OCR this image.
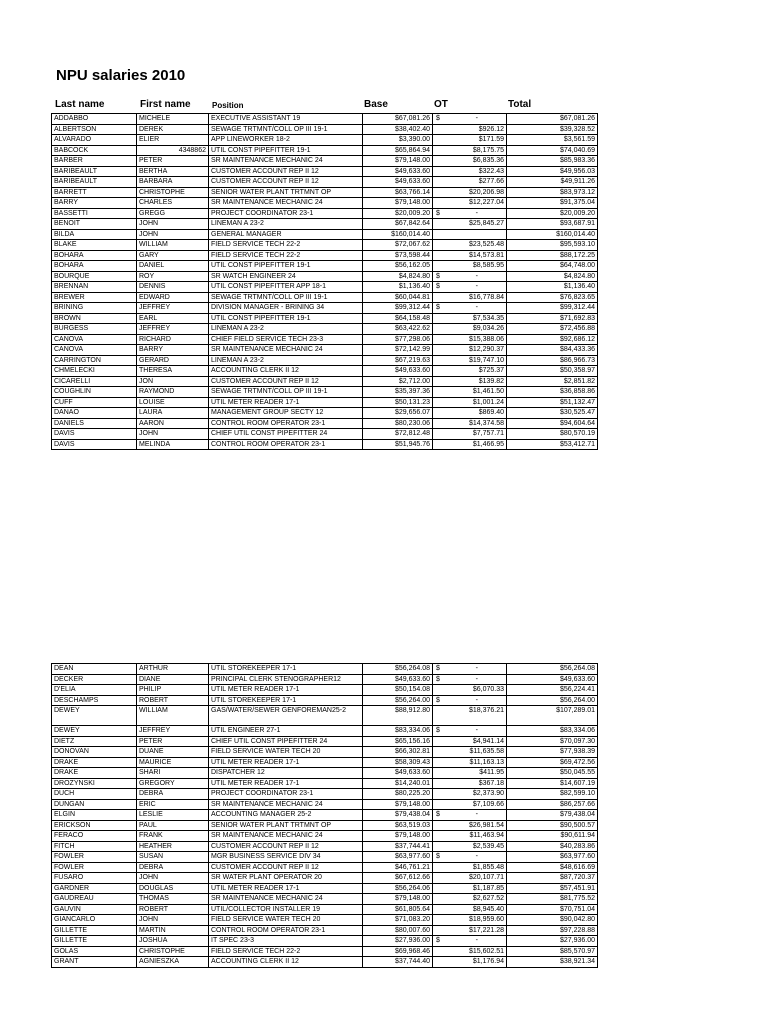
NPU salaries 2010
Last name	First name	Position	Base	OT	Total
ADDABBO	MICHELE	EXECUTIVE ASSISTANT 19	$67,081.26	$ -	$67,081.26
ALBERTSON	DEREK	SEWAGE TRTMNT/COLL OP III 19-1	$38,402.40	$926.12	$39,328.52
ALVARADO	ELIER	APP LINEWORKER 18-2	$3,390.00	$171.59	$3,561.59
BABCOCK	4348862	UTIL CONST PIPEFITTER 19-1	$65,864.94	$8,175.75	$74,040.69
BARBER	PETER	SR MAINTENANCE MECHANIC 24	$79,148.00	$6,835.36	$85,983.36
BARIBEAULT	BERTHA	CUSTOMER ACCOUNT REP II 12	$49,633.60	$322.43	$49,956.03
BARIBEAULT	BARBARA	CUSTOMER ACCOUNT REP II 12	$49,633.60	$277.66	$49,911.26
BARRETT	CHRISTOPHE	SENIOR WATER PLANT TRTMNT OP	$63,766.14	$20,206.98	$83,973.12
BARRY	CHARLES	SR MAINTENANCE MECHANIC 24	$79,148.00	$12,227.04	$91,375.04
BASSETTI	GREGG	PROJECT COORDINATOR 23-1	$20,009.20	$ -	$20,009.20
BENOIT	JOHN	LINEMAN A 23-2	$67,842.64	$25,845.27	$93,687.91
BILDA	JOHN	GENERAL MANAGER	$160,014.40		$160,014.40
BLAKE	WILLIAM	FIELD SERVICE TECH 22-2	$72,067.62	$23,525.48	$95,593.10
BOHARA	GARY	FIELD SERVICE TECH 22-2	$73,598.44	$14,573.81	$88,172.25
BOHARA	DANIEL	UTIL CONST PIPEFITTER 19-1	$56,162.05	$8,585.95	$64,748.00
BOURQUE	ROY	SR WATCH ENGINEER 24	$4,824.80	$ -	$4,824.80
BRENNAN	DENNIS	UTIL CONST PIPEFITTER APP 18-1	$1,136.40	$ -	$1,136.40
BREWER	EDWARD	SEWAGE TRTMNT/COLL OP III 19-1	$60,044.81	$16,778.84	$76,823.65
BRINING	JEFFREY	DIVISION MANAGER - BRINING 34	$99,312.44	$ -	$99,312.44
BROWN	EARL	UTIL CONST PIPEFITTER 19-1	$64,158.48	$7,534.35	$71,692.83
BURGESS	JEFFREY	LINEMAN A 23-2	$63,422.62	$9,034.26	$72,456.88
CANOVA	RICHARD	CHIEF FIELD SERVICE TECH 23-3	$77,298.06	$15,388.06	$92,686.12
CANOVA	BARRY	SR MAINTENANCE MECHANIC 24	$72,142.99	$12,290.37	$84,433.36
CARRINGTON	GERARD	LINEMAN A 23-2	$67,219.63	$19,747.10	$86,966.73
CHMELECKI	THERESA	ACCOUNTING CLERK II 12	$49,633.60	$725.37	$50,358.97
CICARELLI	JON	CUSTOMER ACCOUNT REP II 12	$2,712.00	$139.82	$2,851.82
COUGHLIN	RAYMOND	SEWAGE TRTMNT/COLL OP III 19-1	$35,397.36	$1,461.50	$36,858.86
CUFF	LOUISE	UTIL METER READER 17-1	$50,131.23	$1,001.24	$51,132.47
DANAO	LAURA	MANAGEMENT GROUP SECTY 12	$29,656.07	$869.40	$30,525.47
DANIELS	AARON	CONTROL ROOM OPERATOR 23-1	$80,230.06	$14,374.58	$94,604.64
DAVIS	JOHN	CHIEF UTIL CONST PIPEFITTER 24	$72,812.48	$7,757.71	$80,570.19
DAVIS	MELINDA	CONTROL ROOM OPERATOR 23-1	$51,945.76	$1,466.95	$53,412.71
DEAN	ARTHUR	UTIL STOREKEEPER 17-1	$56,264.08	$ -	$56,264.08
DECKER	DIANE	PRINCIPAL CLERK STENOGRAPHER12	$49,633.60	$ -	$49,633.60
D'ELIA	PHILIP	UTIL METER READER 17-1	$50,154.08	$6,070.33	$56,224.41
DESCHAMPS	ROBERT	UTIL STOREKEEPER 17-1	$56,264.00	$ -	$56,264.00
DEWEY	WILLIAM	GAS/WATER/SEWER GENFOREMAN25-2	$88,912.80	$18,376.21	$107,289.01
DEWEY	JEFFREY	UTIL ENGINEER 27-1	$83,334.06	$ -	$83,334.06
DIETZ	PETER	CHIEF UTIL CONST PIPEFITTER 24	$65,156.16	$4,941.14	$70,097.30
DONOVAN	DUANE	FIELD SERVICE WATER TECH 20	$66,302.81	$11,635.58	$77,938.39
DRAKE	MAURICE	UTIL METER READER 17-1	$58,309.43	$11,163.13	$69,472.56
DRAKE	SHARI	DISPATCHER 12	$49,633.60	$411.95	$50,045.55
DROZYNSKI	GREGORY	UTIL METER READER 17-1	$14,240.01	$367.18	$14,607.19
DUCH	DEBRA	PROJECT COORDINATOR 23-1	$80,225.20	$2,373.90	$82,599.10
DUNGAN	ERIC	SR MAINTENANCE MECHANIC 24	$79,148.00	$7,109.66	$86,257.66
ELGIN	LESLIE	ACCOUNTING MANAGER 25-2	$79,438.04	$ -	$79,438.04
ERICKSON	PAUL	SENIOR WATER PLANT TRTMNT OP	$63,519.03	$26,981.54	$90,500.57
FERACO	FRANK	SR MAINTENANCE MECHANIC 24	$79,148.00	$11,463.94	$90,611.94
FITCH	HEATHER	CUSTOMER ACCOUNT REP II 12	$37,744.41	$2,539.45	$40,283.86
FOWLER	SUSAN	MGR BUSINESS SERVICE DIV 34	$63,977.60	$ -	$63,977.60
FOWLER	DEBRA	CUSTOMER ACCOUNT REP II 12	$46,761.21	$1,855.48	$48,616.69
FUSARO	JOHN	SR WATER PLANT OPERATOR 20	$67,612.66	$20,107.71	$87,720.37
GARDNER	DOUGLAS	UTIL METER READER 17-1	$56,264.06	$1,187.85	$57,451.91
GAUDREAU	THOMAS	SR MAINTENANCE MECHANIC 24	$79,148.00	$2,627.52	$81,775.52
GAUVIN	ROBERT	UTIL/COLLECTOR INSTALLER 19	$61,805.64	$8,945.40	$70,751.04
GIANCARLO	JOHN	FIELD SERVICE WATER TECH 20	$71,083.20	$18,959.60	$90,042.80
GILLETTE	MARTIN	CONTROL ROOM OPERATOR 23-1	$80,007.60	$17,221.28	$97,228.88
GILLETTE	JOSHUA	IT SPEC 23-3	$27,936.00	$ -	$27,936.00
GOLAS	CHRISTOPHE	FIELD SERVICE TECH 22-2	$69,968.46	$15,602.51	$85,570.97
GRANT	AGNIESZKA	ACCOUNTING CLERK II 12	$37,744.40	$1,176.94	$38,921.34
